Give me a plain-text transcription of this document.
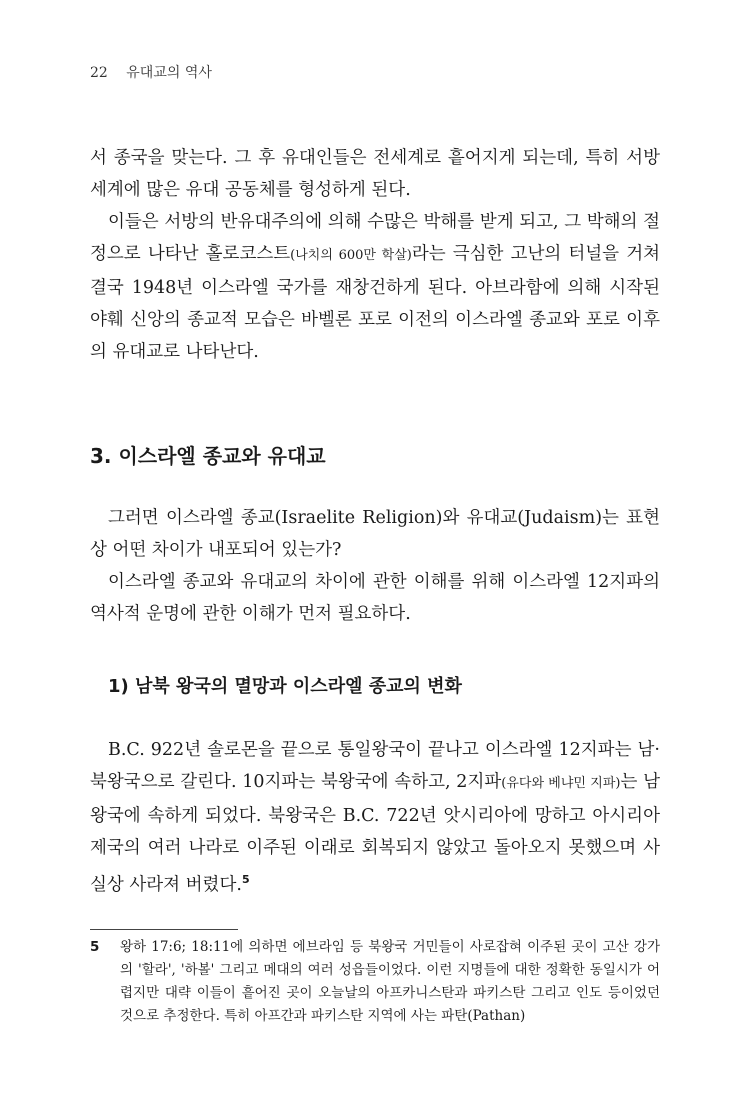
22 유대교의 역사

서 종국을 맞는다. 그 후 유대인들은 전세계로 흩어지게 되는데, 특히 서방 세계에 많은 유대 공동체를 형성하게 된다.

이들은 서방의 반유대주의에 의해 수많은 박해를 받게 되고, 그 박해의 절정으로 나타난 홀로코스트(나치의 600만 학살)라는 극심한 고난의 터널을 거쳐 결국 1948년 이스라엘 국가를 재창건하게 된다. 아브라함에 의해 시작된 야훼 신앙의 종교적 모습은 바벨론 포로 이전의 이스라엘 종교와 포로 이후의 유대교로 나타난다.

3. 이스라엘 종교와 유대교

그러면 이스라엘 종교(Israelite Religion)와 유대교(Judaism)는 표현상 어떤 차이가 내포되어 있는가?

이스라엘 종교와 유대교의 차이에 관한 이해를 위해 이스라엘 12지파의 역사적 운명에 관한 이해가 먼저 필요하다.

1) 남북 왕국의 멸망과 이스라엘 종교의 변화

B.C. 922년 솔로몬을 끝으로 통일왕국이 끝나고 이스라엘 12지파는 남·북왕국으로 갈린다. 10지파는 북왕국에 속하고, 2지파(유다와 베냐민 지파)는 남왕국에 속하게 되었다. 북왕국은 B.C. 722년 앗시리아에 망하고 아시리아 제국의 여러 나라로 이주된 이래로 회복되지 않았고 돌아오지 못했으며 사실상 사라져 버렸다.$^5$

5 왕하 17:6; 18:11에 의하면 에브라임 등 북왕국 거민들이 사로잡혀 이주된 곳이 고산 강가의 '할라', '하볼' 그리고 메대의 여러 성읍들이었다. 이런 지명들에 대한 정확한 동일시가 어렵지만 대략 이들이 흩어진 곳이 오늘날의 아프카니스탄과 파키스탄 그리고 인도 등이었던 것으로 추정한다. 특히 아프간과 파키스탄 지역에 사는 파탄(Pathan)
